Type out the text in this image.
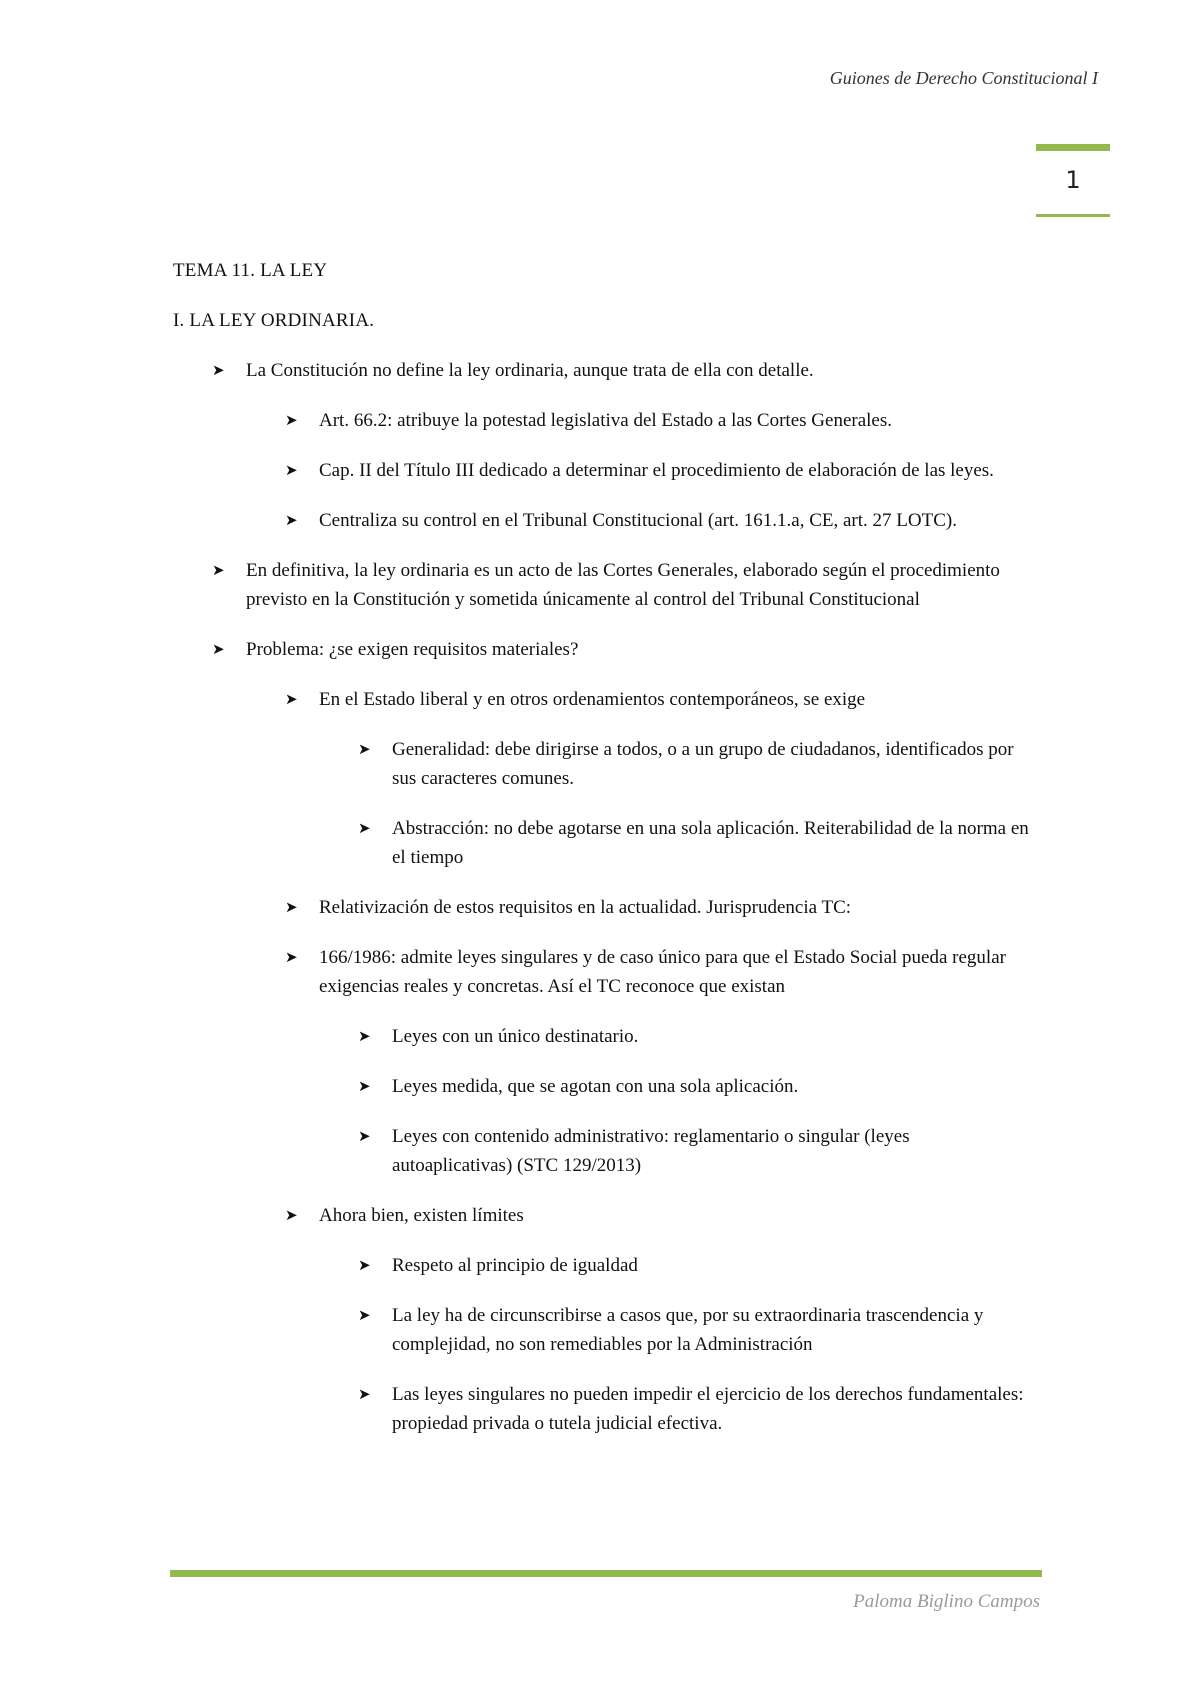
Guiones de Derecho Constitucional I
1
TEMA 11. LA LEY
I. LA LEY ORDINARIA.
➤ La Constitución no define la ley ordinaria, aunque trata de ella con detalle.
➤ Art. 66.2: atribuye la potestad legislativa del Estado a las Cortes Generales.
➤ Cap. II del Título III dedicado a determinar el procedimiento de elaboración de las leyes.
➤ Centraliza su control en el Tribunal Constitucional (art. 161.1.a, CE, art. 27 LOTC).
➤ En definitiva, la ley ordinaria es un acto de las Cortes Generales, elaborado según el procedimiento previsto en la Constitución y sometida únicamente al control del Tribunal Constitucional
➤ Problema: ¿se exigen requisitos materiales?
➤ En el Estado liberal y en otros ordenamientos contemporáneos, se exige
➤ Generalidad: debe dirigirse a todos, o a un grupo de ciudadanos, identificados por sus caracteres comunes.
➤ Abstracción: no debe agotarse en una sola aplicación. Reiterabilidad de la norma en el tiempo
➤ Relativización de estos requisitos en la actualidad. Jurisprudencia TC:
➤ 166/1986: admite leyes singulares y de caso único para que el Estado Social pueda regular exigencias reales y concretas. Así el TC reconoce que existan
➤ Leyes con un único destinatario.
➤ Leyes medida, que se agotan con una sola aplicación.
➤ Leyes con contenido administrativo: reglamentario o singular (leyes autoaplicativas) (STC 129/2013)
➤ Ahora bien, existen límites
➤ Respeto al principio de igualdad
➤ La ley ha de circunscribirse a casos que, por su extraordinaria trascendencia y complejidad, no son remediables por la Administración
➤ Las leyes singulares no pueden impedir el ejercicio de los derechos fundamentales: propiedad privada o tutela judicial efectiva.
Paloma Biglino Campos
